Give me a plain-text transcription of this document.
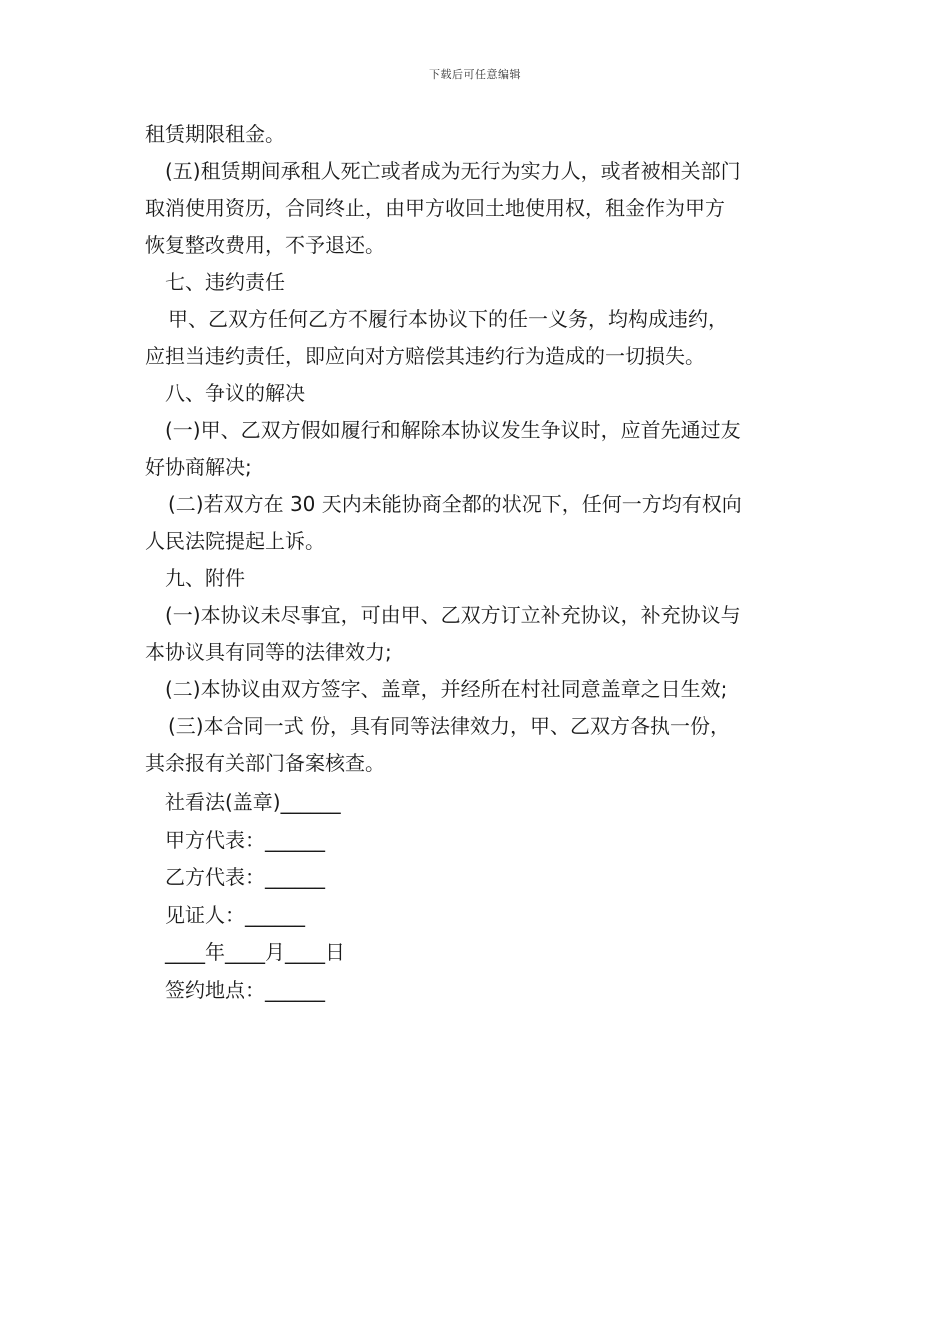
下载后可任意编辑
租赁期限租金。
(五)租赁期间承租人死亡或者成为无行为实力人，或者被相关部门
取消使用资历，合同终止，由甲方收回土地使用权，租金作为甲方
恢复整改费用，不予退还。
七、违约责任
甲、乙双方任何乙方不履行本协议下的任一义务，均构成违约，
应担当违约责任，即应向对方赔偿其违约行为造成的一切损失。
八、争议的解决
(一)甲、乙双方假如履行和解除本协议发生争议时，应首先通过友
好协商解决;
(二)若双方在 30 天内未能协商全都的状况下，任何一方均有权向
人民法院提起上诉。
九、附件
(一)本协议未尽事宜，可由甲、乙双方订立补充协议，补充协议与
本协议具有同等的法律效力;
(二)本协议由双方签字、盖章，并经所在村社同意盖章之日生效;
(三)本合同一式 份，具有同等法律效力，甲、乙双方各执一份，
其余报有关部门备案核查。
社看法(盖章)______
甲方代表：______
乙方代表：______
见证人：______
____年____月____日
签约地点：______
